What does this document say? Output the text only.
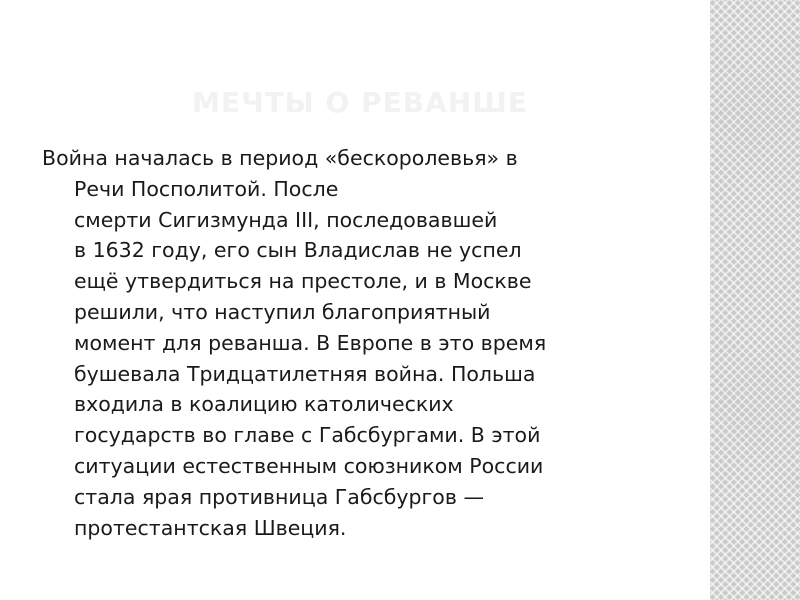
МЕЧТЫ О РЕВАНШЕ
Война началась в период «бескоролевья» в
Речи Посполитой. После
смерти Сигизмунда III, последовавшей
в 1632 году, его сын Владислав не успел
ещё утвердиться на престоле, и в Москве
решили, что наступил благоприятный
момент для реванша. В Европе в это время
бушевала Тридцатилетняя война. Польша
входила в коалицию католических
государств во главе с Габсбургами. В этой
ситуации естественным союзником России
стала ярая противница Габсбургов —
протестантская Швеция.
